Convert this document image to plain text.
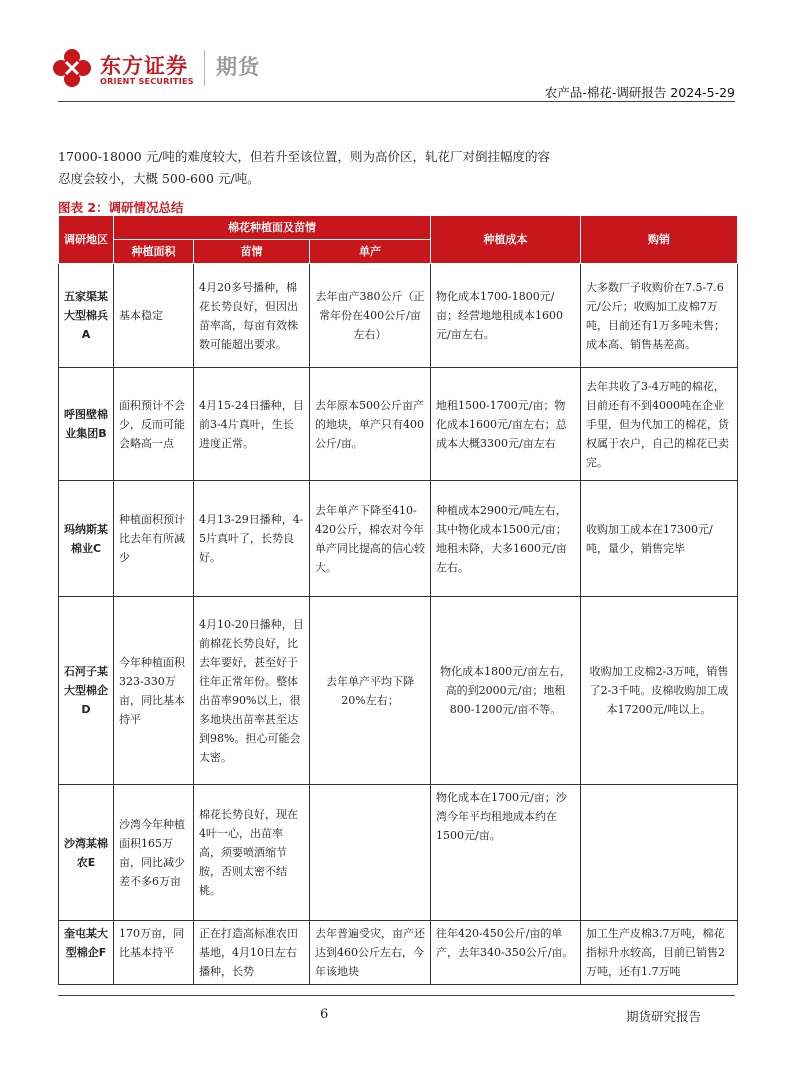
东方证券
ORIENT SECURITIES
期货
农产品-棉花-调研报告 2024-5-29

17000-18000 元/吨的难度较大，但若升至该位置，则为高价区，轧花厂对倒挂幅度的容

忍度会较小，大概 500-600 元/吨。

图表 2：调研情况总结
调研地区	棉花种植面及苗情			种植成本	购销
	种植面积	苗情	单产		
五家渠某大型棉兵A	基本稳定	4月20多号播种，棉花长势良好，但因出苗率高，每亩有效株数可能超出要求。	去年亩产380公斤（正常年份在400公斤/亩左右）	物化成本1700-1800元/亩；经营地地租成本1600元/亩左右。	大多数厂子收购价在7.5-7.6元/公斤；收购加工皮棉7万吨，目前还有1万多吨未售；成本高、销售基差高。
呼图壁棉业集团B	面积预计不会少，反而可能会略高一点	4月15-24日播种，目前3-4片真叶，生长进度正常。	去年原本500公斤亩产的地块，单产只有400公斤/亩。	地租1500-1700元/亩；物化成本1600元/亩左右；总成本大概3300元/亩左右	去年共收了3-4万吨的棉花，目前还有不到4000吨在企业手里，但为代加工的棉花，货权属于农户，自己的棉花已卖完。
玛纳斯某棉业C	种植面积预计比去年有所减少	4月13-29日播种，4-5片真叶了，长势良好。	去年单产下降至410-420公斤，棉农对今年单产同比提高的信心较大。	种植成本2900元/吨左右，其中物化成本1500元/亩；地租未降，大多1600元/亩左右。	收购加工成本在17300元/吨，量少，销售完毕
石河子某大型棉企D	今年种植面积323-330万亩，同比基本持平	4月10-20日播种，目前棉花长势良好，比去年要好，甚至好于往年正常年份。整体出苗率90%以上，很多地块出苗率甚至达到98%。担心可能会太密。	去年单产平均下降20%左右；	物化成本1800元/亩左右，高的到2000元/亩；地租800-1200元/亩不等。	收购加工皮棉2-3万吨，销售了2-3千吨。皮棉收购加工成本17200元/吨以上。
沙湾某棉农E	沙湾今年种植面积165万亩，同比减少差不多6万亩	棉花长势良好，现在4叶一心，出苗率高，须要喷洒缩节胺，否则太密不结桃。		物化成本在1700元/亩；沙湾今年平均租地成本约在1500元/亩。	
奎屯某大型棉企F	170万亩，同比基本持平	正在打造高标准农田基地，4月10日左右播种，长势	去年普遍受灾，亩产还达到460公斤左右，今年该地块	往年420-450公斤/亩的单产，去年340-350公斤/亩。	加工生产皮棉3.7万吨，棉花指标升水较高，目前已销售2万吨，还有1.7万吨
6	期货研究报告
